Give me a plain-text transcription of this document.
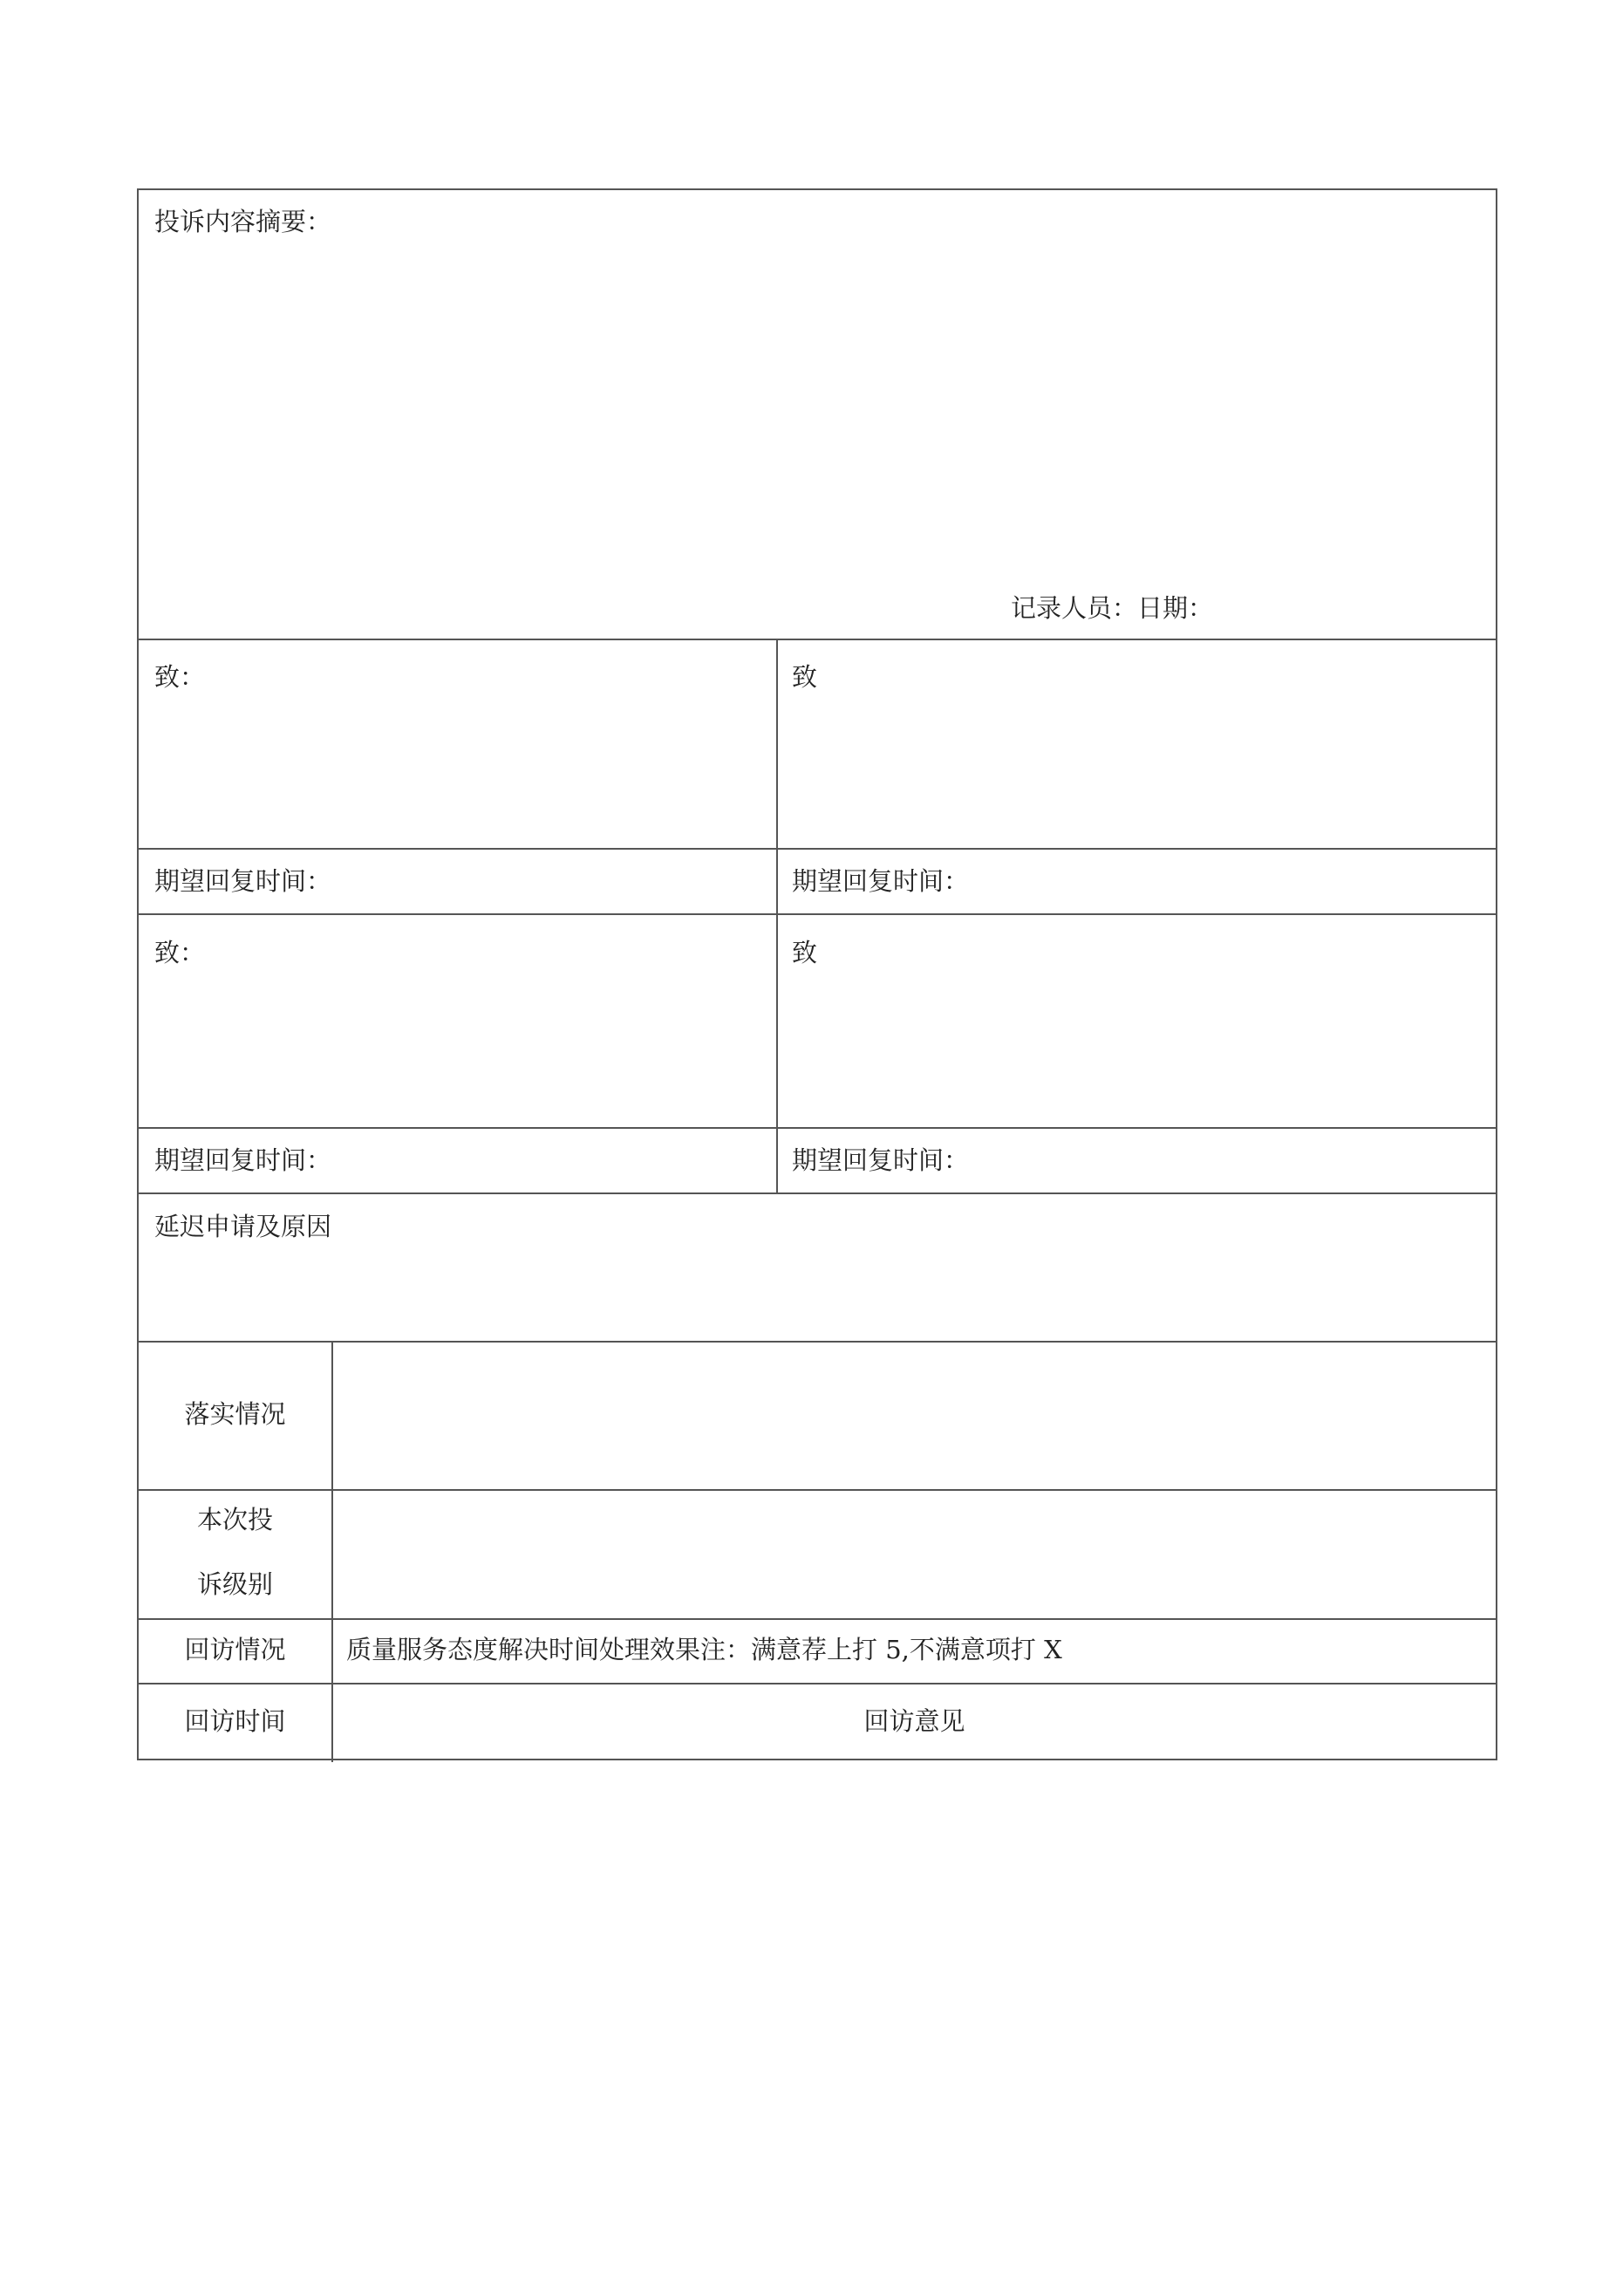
投诉内容摘要：
记录人员：日期：
致：	致
期望回复时间：	期望回复时间：
致：	致
期望回复时间：	期望回复时间：
延迟申请及原因
落实情况
本次投
诉级别
回访情况	质量服务态度解决时间处理效果注：满意荐上打 5,不满意项打 X
回访时间	回访意见
